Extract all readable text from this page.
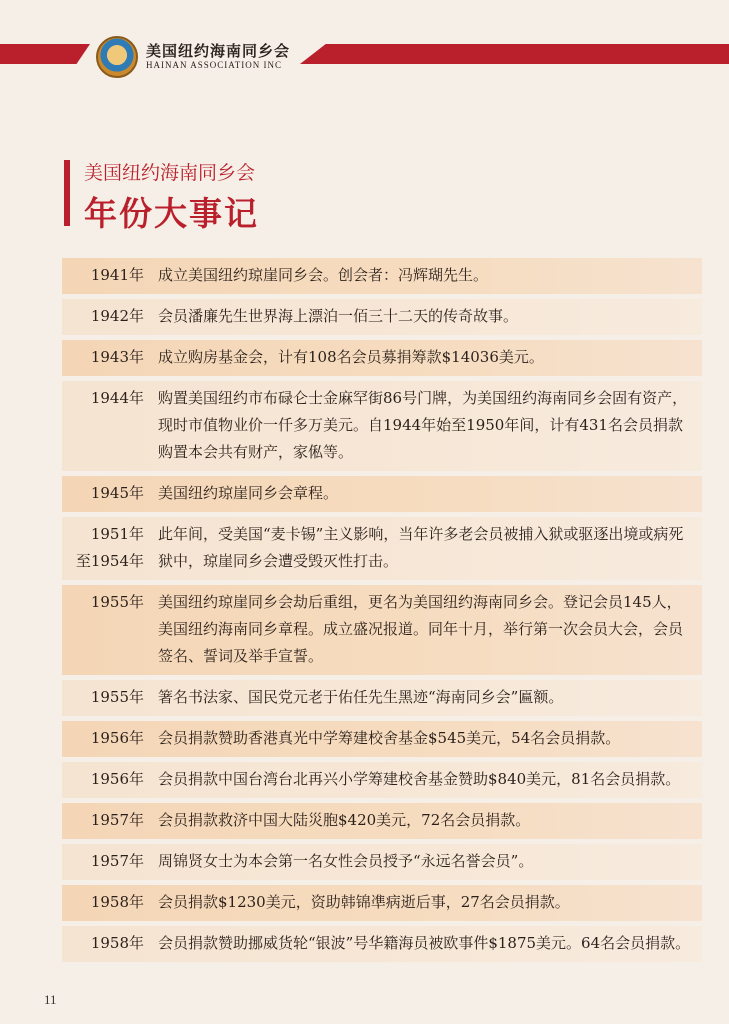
美国纽约海南同乡会
HAINAN ASSOCIATION INC
美国纽约海南同乡会
年份大事记
1941年 成立美国纽约琼崖同乡会。创会者：冯辉瑚先生。
1942年 会员潘廉先生世界海上漂泊一佰三十二天的传奇故事。
1943年 成立购房基金会，计有108名会员募捐筹款$14036美元。
1944年 购置美国纽约市布碌仑士金麻罕街86号门牌，为美国纽约海南同乡会固有资产，现时市值物业价一仟多万美元。自1944年始至1950年间，计有431名会员捐款购置本会共有财产，家俬等。
1945年 美国纽约琼崖同乡会章程。
1951年
至1954年
此年间，受美国“麦卡锡”主义影响，当年许多老会员被捕入狱或驱逐出境或病死狱中，琼崖同乡会遭受毁灭性打击。
1955年 美国纽约琼崖同乡会劫后重组，更名为美国纽约海南同乡会。登记会员145人，美国纽约海南同乡章程。成立盛况报道。同年十月，举行第一次会员大会，会员签名、誓词及举手宣誓。
1955年 箸名书法家、国民党元老于佑任先生黑迹“海南同乡会”匾额。
1956年 会员捐款赞助香港真光中学筹建校舍基金$545美元，54名会员捐款。
1956年 会员捐款中国台湾台北再兴小学筹建校舍基金赞助$840美元，81名会员捐款。
1957年 会员捐款救济中国大陆災胞$420美元，72名会员捐款。
1957年 周锦贤女士为本会第一名女性会员授予“永远名誉会员”。
1958年 会员捐款$1230美元，资助韩锦凖病逝后事，27名会员捐款。
1958年 会员捐款赞助挪威货轮“银波”号华籍海员被欧事件$1875美元。64名会员捐款。
11
